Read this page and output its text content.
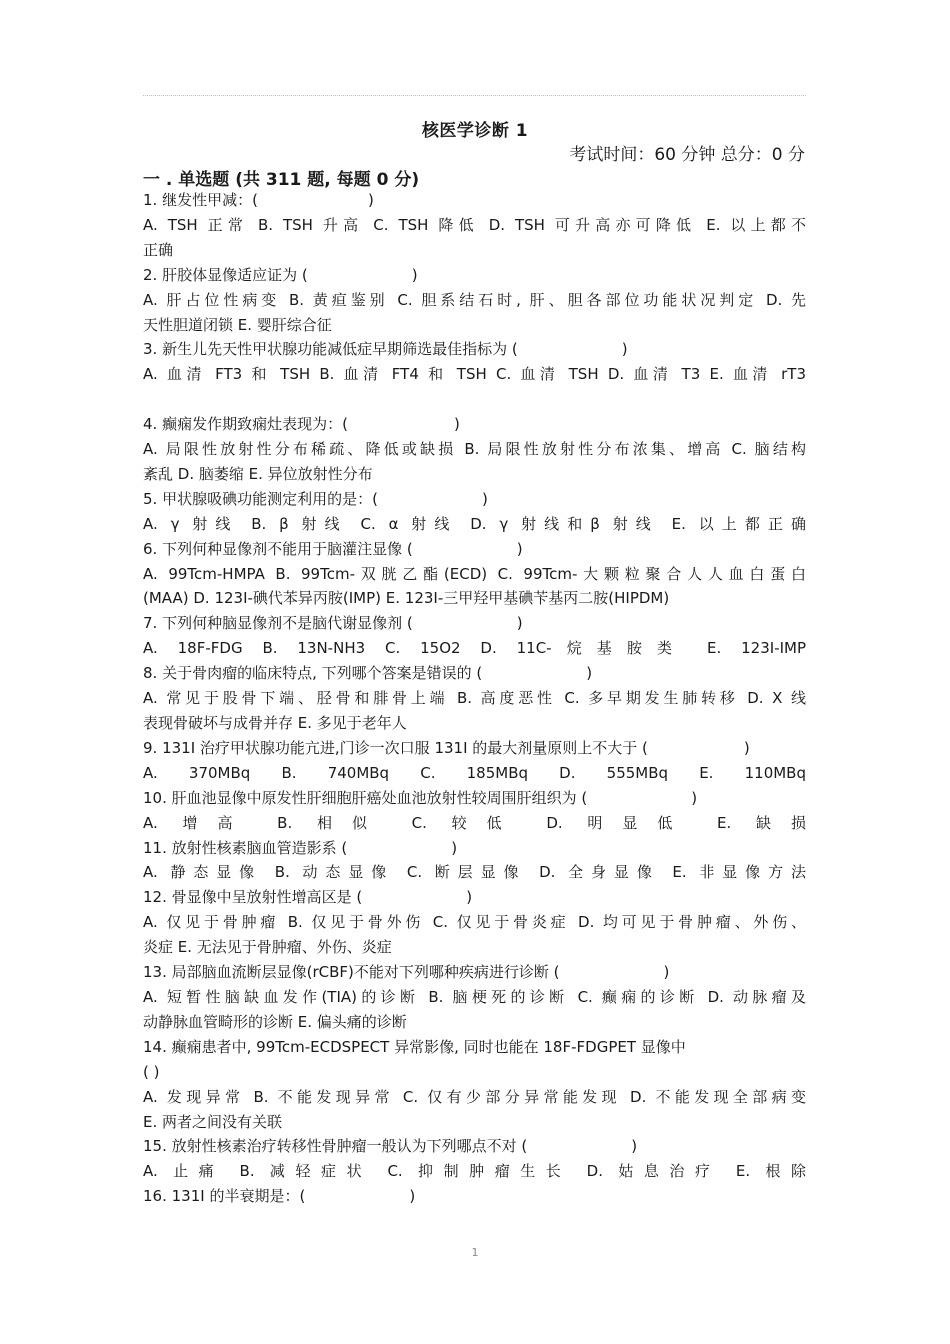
核医学诊断 1
考试时间：60 分钟 总分：0 分
一 . 单选题 (共 311 题, 每题 0 分)
1. 继发性甲减：(	)
A. TSH 正常 B. TSH 升高 C. TSH 降低 D. TSH 可升高亦可降低 E. 以上都不
正确
2. 肝胶体显像适应证为 (	)
A. 肝占位性病变 B. 黄疸鉴别 C. 胆系结石时, 肝、胆各部位功能状况判定 D. 先
天性胆道闭锁 E. 婴肝综合征
3. 新生儿先天性甲状腺功能减低症早期筛选最佳指标为 (	)
A. 血清 FT3 和 TSH B. 血清 FT4 和 TSH C. 血清 TSH D. 血清 T3 E. 血清 rT3
4. 癫痫发作期致痫灶表现为：(	)
A. 局限性放射性分布稀疏、降低或缺损 B. 局限性放射性分布浓集、增高 C. 脑结构
紊乱 D. 脑萎缩 E. 异位放射性分布
5. 甲状腺吸碘功能测定利用的是：(	)
A. γ 射线 B. β 射线 C. α 射线 D. γ 射线和β 射线 E. 以上都正确
6. 下列何种显像剂不能用于脑灌注显像 (	)
A. 99Tcm-HMPA B. 99Tcm-双胱乙酯(ECD) C. 99Tcm-大颗粒聚合人人血白蛋白
(MAA) D. 123I-碘代苯异丙胺(IMP) E. 123I-三甲羟甲基碘苄基丙二胺(HIPDM)
7. 下列何种脑显像剂不是脑代谢显像剂 (	)
A. 18F-FDG B. 13N-NH3 C. 15O2 D. 11C-烷基胺类 E. 123I-IMP
8. 关于骨肉瘤的临床特点, 下列哪个答案是错误的 (	)
A. 常见于股骨下端、胫骨和腓骨上端 B. 高度恶性 C. 多早期发生肺转移 D. X 线
表现骨破坏与成骨并存 E. 多见于老年人
9. 131I 治疗甲状腺功能亢进,门诊一次口服 131I 的最大剂量原则上不大于 (	)
A. 370MBq B. 740MBq C. 185MBq D. 555MBq E. 110MBq
10. 肝血池显像中原发性肝细胞肝癌处血池放射性较周围肝组织为 (	)
A. 增高 B. 相似 C. 较低 D. 明显低 E. 缺损
11. 放射性核素脑血管造影系 (	)
A. 静态显像 B. 动态显像 C. 断层显像 D. 全身显像 E. 非显像方法
12. 骨显像中呈放射性增高区是 (	)
A. 仅见于骨肿瘤 B. 仅见于骨外伤 C. 仅见于骨炎症 D. 均可见于骨肿瘤、外伤、
炎症 E. 无法见于骨肿瘤、外伤、炎症
13. 局部脑血流断层显像(rCBF)不能对下列哪种疾病进行诊断 (	)
A. 短暂性脑缺血发作(TIA)的诊断 B. 脑梗死的诊断 C. 癫痫的诊断 D. 动脉瘤及
动静脉血管畸形的诊断 E. 偏头痛的诊断
14. 癫痫患者中, 99Tcm-ECDSPECT 异常影像, 同时也能在 18F-FDGPET 显像中
( )
A. 发现异常 B. 不能发现异常 C. 仅有少部分异常能发现 D. 不能发现全部病变
E. 两者之间没有关联
15. 放射性核素治疗转移性骨肿瘤一般认为下列哪点不对 (	)
A. 止痛 B. 减轻症状 C. 抑制肿瘤生长 D. 姑息治疗 E. 根除
16. 131I 的半衰期是：(	)
1
